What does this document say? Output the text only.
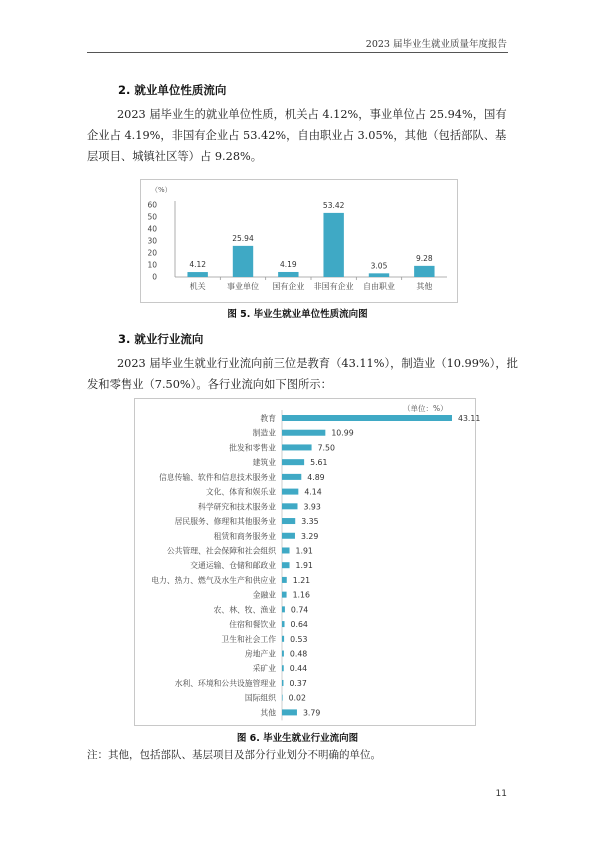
2023 届毕业生就业质量年度报告
2. 就业单位性质流向
2023 届毕业生的就业单位性质，机关占 4.12%，事业单位占 25.94%，国有
企业占 4.19%，非国有企业占 53.42%，自由职业占 3.05%，其他（包括部队、基
层项目、城镇社区等）占 9.28%。
（%）
0
10
20
30
40
50
60
4.12
机关
25.94
事业单位
4.19
国有企业
53.42
非国有企业
3.05
自由职业
9.28
其他
图 5. 毕业生就业单位性质流向图
3. 就业行业流向
2023 届毕业生就业行业流向前三位是教育（43.11%），制造业（10.99%），批
发和零售业（7.50%）。各行业流向如下图所示：
（单位：%）
教育	43.11
制造业	10.99
批发和零售业	7.50
建筑业	5.61
信息传输、软件和信息技术服务业	4.89
文化、体育和娱乐业	4.14
科学研究和技术服务业	3.93
居民服务、修理和其他服务业	3.35
租赁和商务服务业	3.29
公共管理、社会保障和社会组织	1.91
交通运输、仓储和邮政业	1.91
电力、热力、燃气及水生产和供应业 1.21
金融业 1.16
农、林、牧、渔业 0.74
住宿和餐饮业 0.64
卫生和社会工作 0.53
房地产业 0.48
采矿业 0.44
水利、环境和公共设施管理业 0.37
国际组织 0.02
其他	3.79
图 6. 毕业生就业行业流向图
注：其他，包括部队、基层项目及部分行业划分不明确的单位。
11
